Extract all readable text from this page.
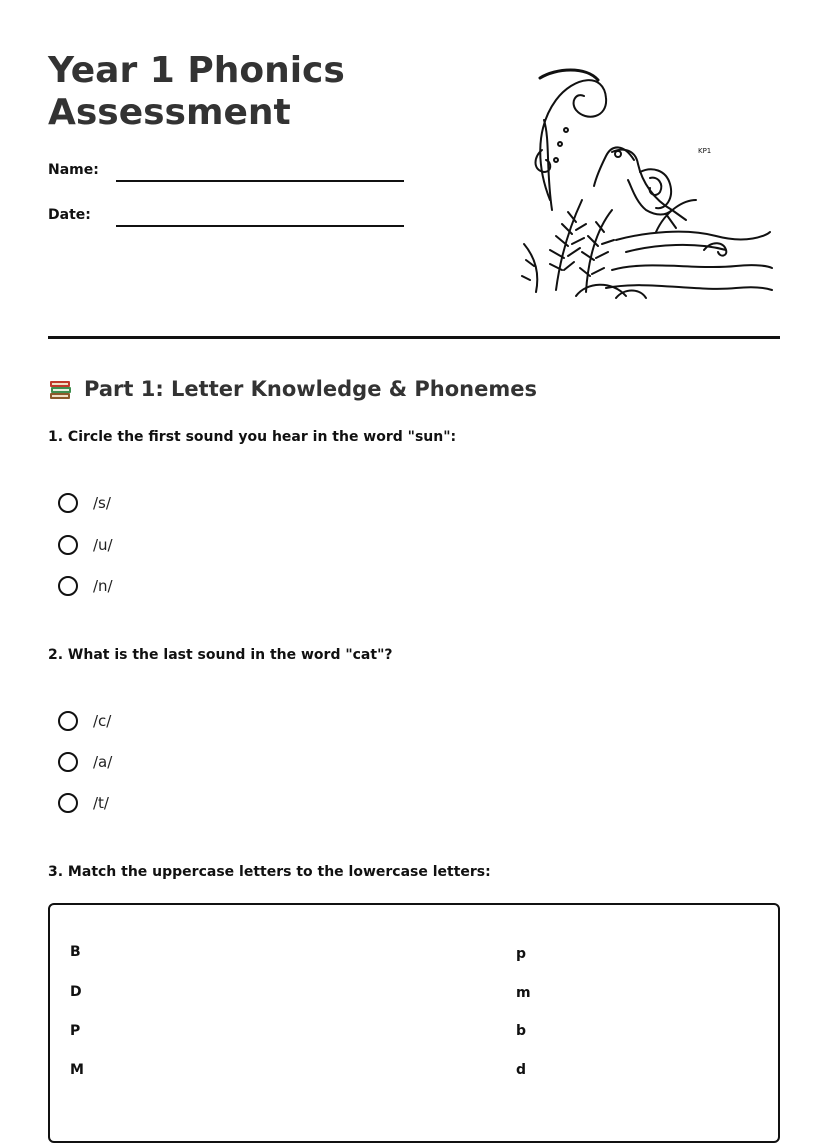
Year 1 Phonics Assessment
Name:
Date:
KP1
Part 1: Letter Knowledge & Phonemes
1. Circle the first sound you hear in the word "sun":
/s/
/u/
/n/
2. What is the last sound in the word "cat"?
/c/
/a/
/t/
3. Match the uppercase letters to the lowercase letters:
B
D
P
M
p
m
b
d
